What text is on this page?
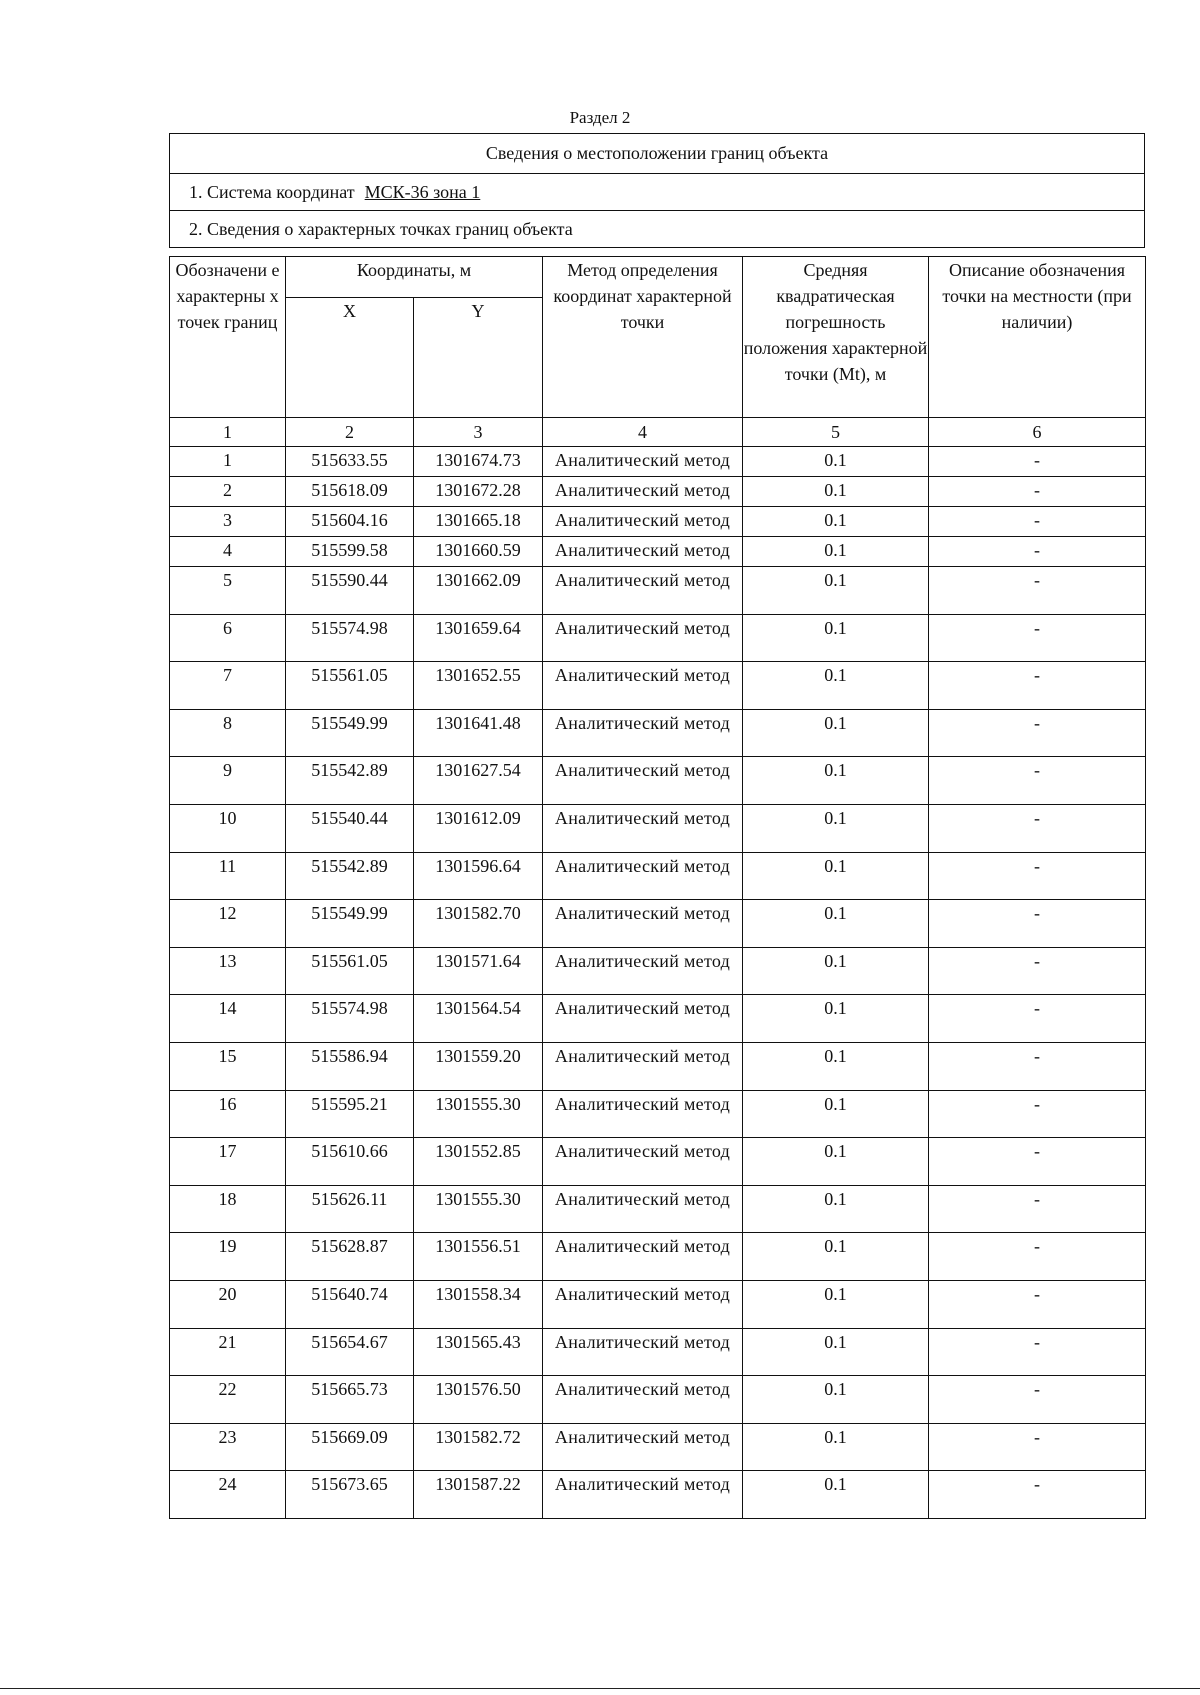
Раздел 2
Сведения о местоположении границ объекта
1. Система координат МСК-36 зона 1
2. Сведения о характерных точках границ объекта
Обозначени е характерны х точек границ	Координаты, м		Метод определения координат характерной точки	Средняя квадратическая погрешность положения характерной точки (Mt), м	Описание обозначения точки на местности (при наличии)
	X	Y			
1	2	3	4	5	6
1	515633.55	1301674.73	Аналитический метод	0.1	-
2	515618.09	1301672.28	Аналитический метод	0.1	-
3	515604.16	1301665.18	Аналитический метод	0.1	-
4	515599.58	1301660.59	Аналитический метод	0.1	-
5	515590.44	1301662.09	Аналитический метод	0.1	-
6	515574.98	1301659.64	Аналитический метод	0.1	-
7	515561.05	1301652.55	Аналитический метод	0.1	-
8	515549.99	1301641.48	Аналитический метод	0.1	-
9	515542.89	1301627.54	Аналитический метод	0.1	-
10	515540.44	1301612.09	Аналитический метод	0.1	-
11	515542.89	1301596.64	Аналитический метод	0.1	-
12	515549.99	1301582.70	Аналитический метод	0.1	-
13	515561.05	1301571.64	Аналитический метод	0.1	-
14	515574.98	1301564.54	Аналитический метод	0.1	-
15	515586.94	1301559.20	Аналитический метод	0.1	-
16	515595.21	1301555.30	Аналитический метод	0.1	-
17	515610.66	1301552.85	Аналитический метод	0.1	-
18	515626.11	1301555.30	Аналитический метод	0.1	-
19	515628.87	1301556.51	Аналитический метод	0.1	-
20	515640.74	1301558.34	Аналитический метод	0.1	-
21	515654.67	1301565.43	Аналитический метод	0.1	-
22	515665.73	1301576.50	Аналитический метод	0.1	-
23	515669.09	1301582.72	Аналитический метод	0.1	-
24	515673.65	1301587.22	Аналитический метод	0.1	-
